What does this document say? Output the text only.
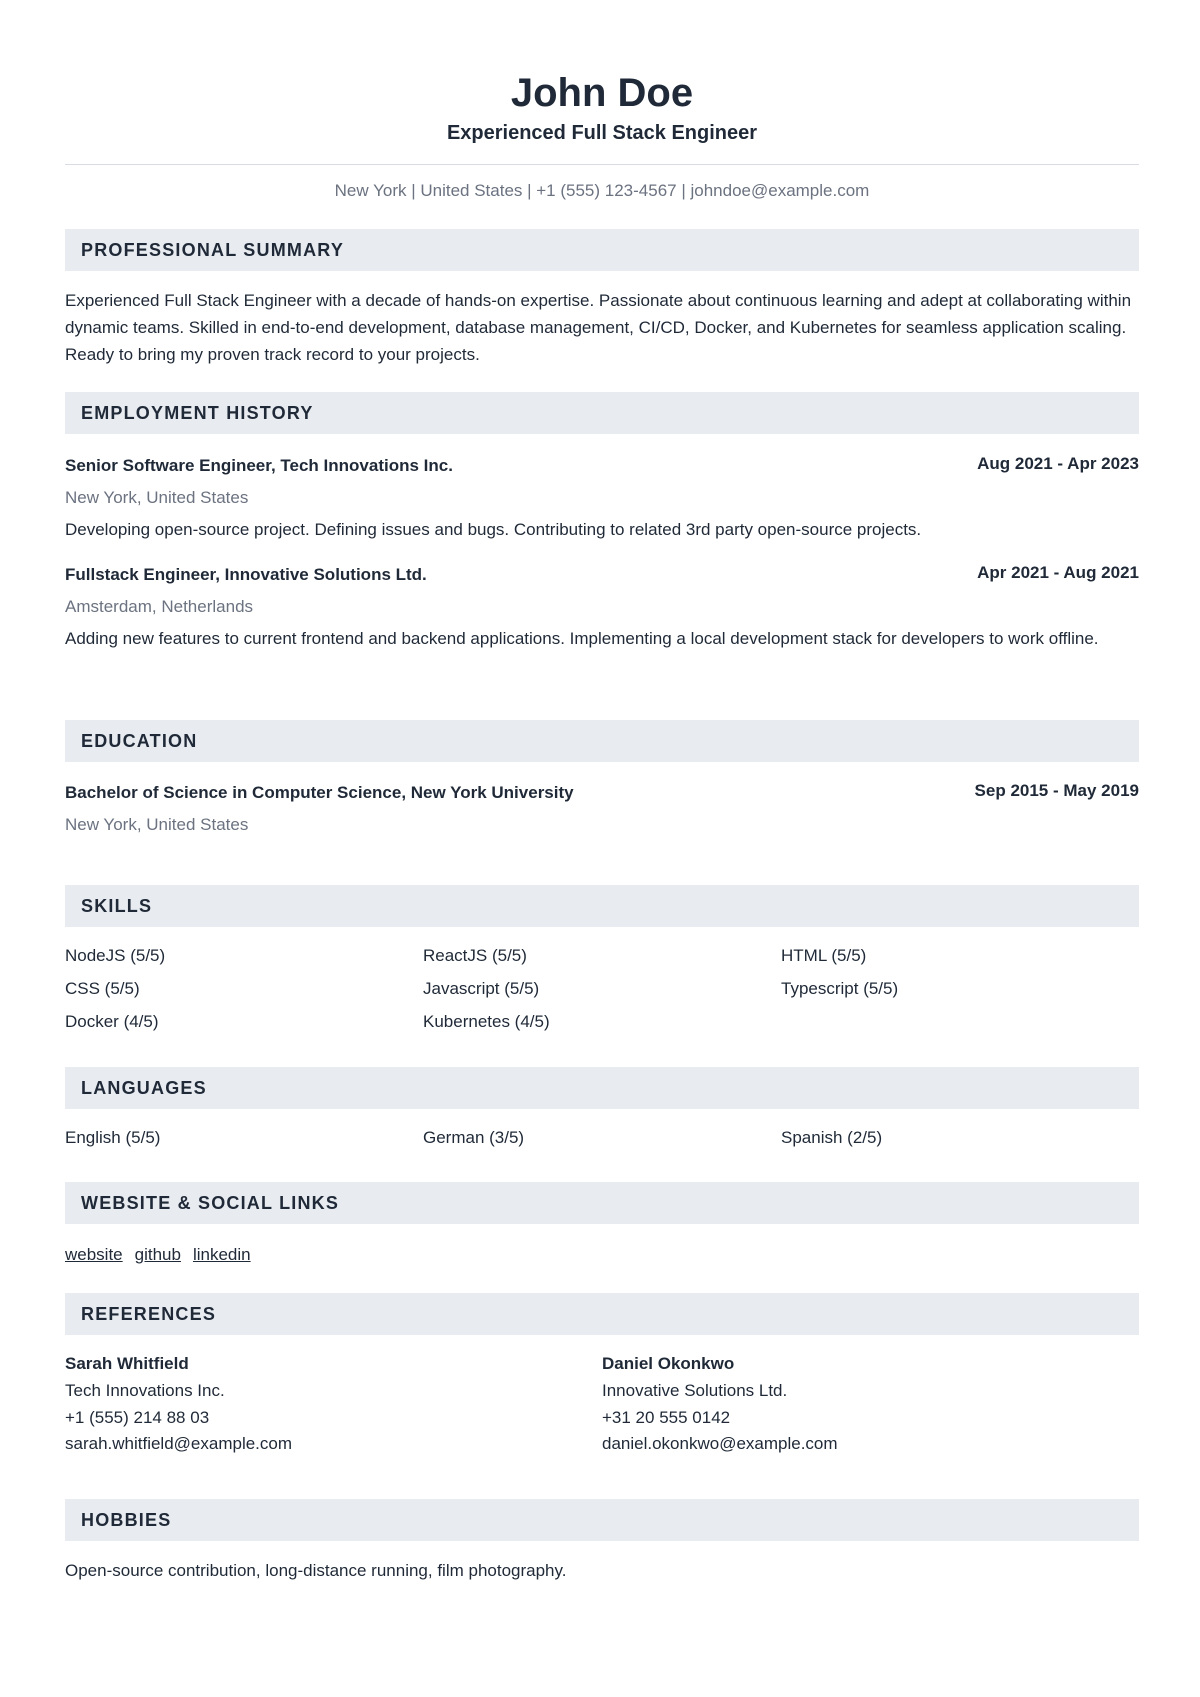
John Doe
Experienced Full Stack Engineer
New York | United States | +1 (555) 123-4567 | johndoe@example.com
PROFESSIONAL SUMMARY
Experienced Full Stack Engineer with a decade of hands-on expertise. Passionate about continuous learning and adept at collaborating within dynamic teams. Skilled in end-to-end development, database management, CI/CD, Docker, and Kubernetes for seamless application scaling. Ready to bring my proven track record to your projects.
EMPLOYMENT HISTORY
Senior Software Engineer, Tech Innovations Inc.	Aug 2021 - Apr 2023
New York, United States
Developing open-source project. Defining issues and bugs. Contributing to related 3rd party open-source projects.
Fullstack Engineer, Innovative Solutions Ltd.	Apr 2021 - Aug 2021
Amsterdam, Netherlands
Adding new features to current frontend and backend applications. Implementing a local development stack for developers to work offline.
EDUCATION
Bachelor of Science in Computer Science, New York University	Sep 2015 - May 2019
New York, United States
SKILLS
NodeJS (5/5)	ReactJS (5/5)	HTML (5/5)
CSS (5/5)	Javascript (5/5)	Typescript (5/5)
Docker (4/5)	Kubernetes (4/5)
LANGUAGES
English (5/5)	German (3/5)	Spanish (2/5)
WEBSITE & SOCIAL LINKS
website github linkedin
REFERENCES
Sarah Whitfield
Tech Innovations Inc.
+1 (555) 214 88 03
sarah.whitfield@example.com
Daniel Okonkwo
Innovative Solutions Ltd.
+31 20 555 0142
daniel.okonkwo@example.com
HOBBIES
Open-source contribution, long-distance running, film photography.
